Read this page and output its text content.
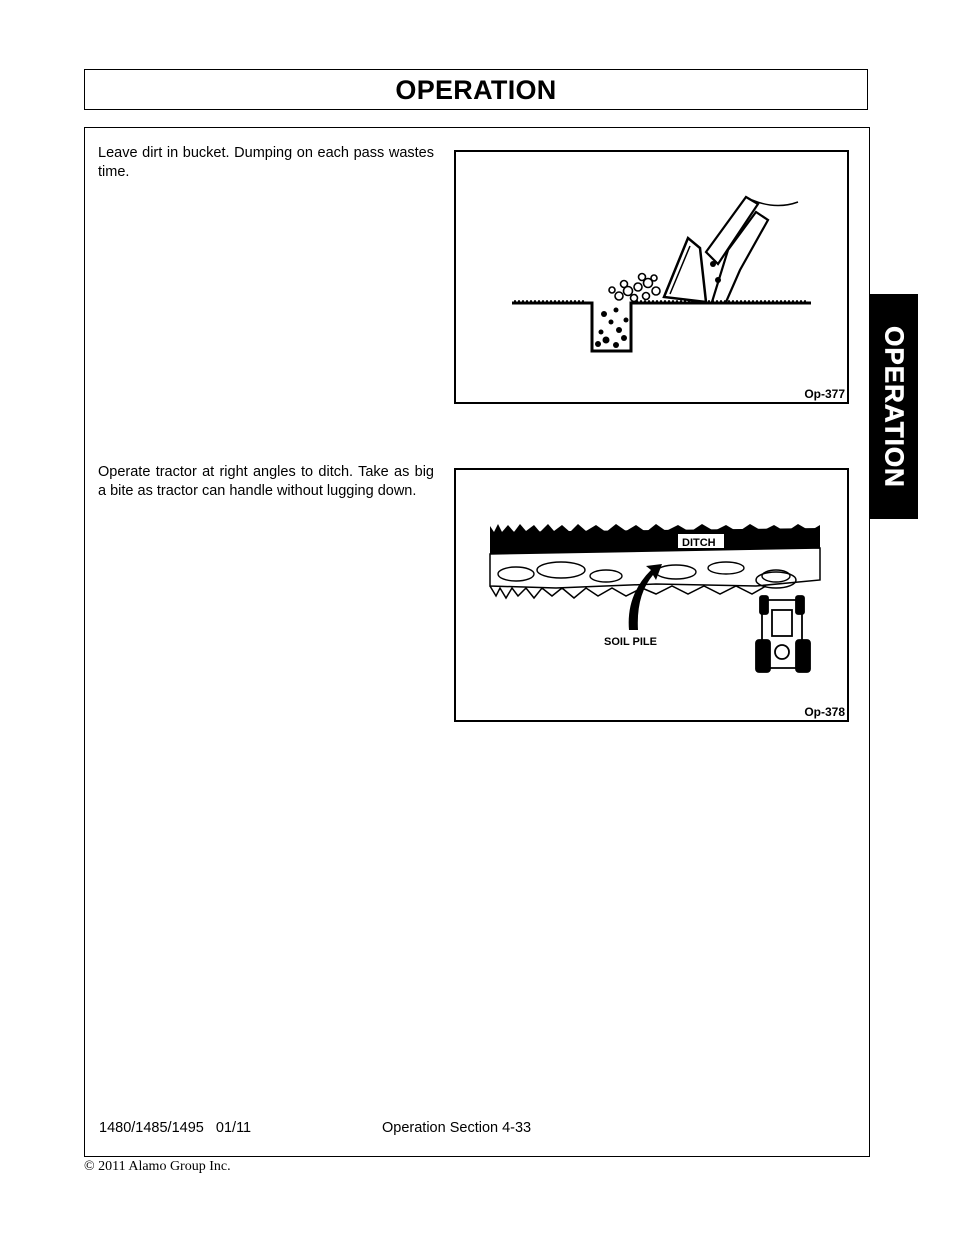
OPERATION

Leave dirt in bucket. Dumping on each pass wastes time.

Op-377

Operate tractor at right angles to ditch. Take as big a bite as tractor can handle without lugging down.

DITCH
SOIL PILE
Op-378
OPERATION
1480/1485/1495   01/11	Operation Section 4-33
© 2011 Alamo Group Inc.
